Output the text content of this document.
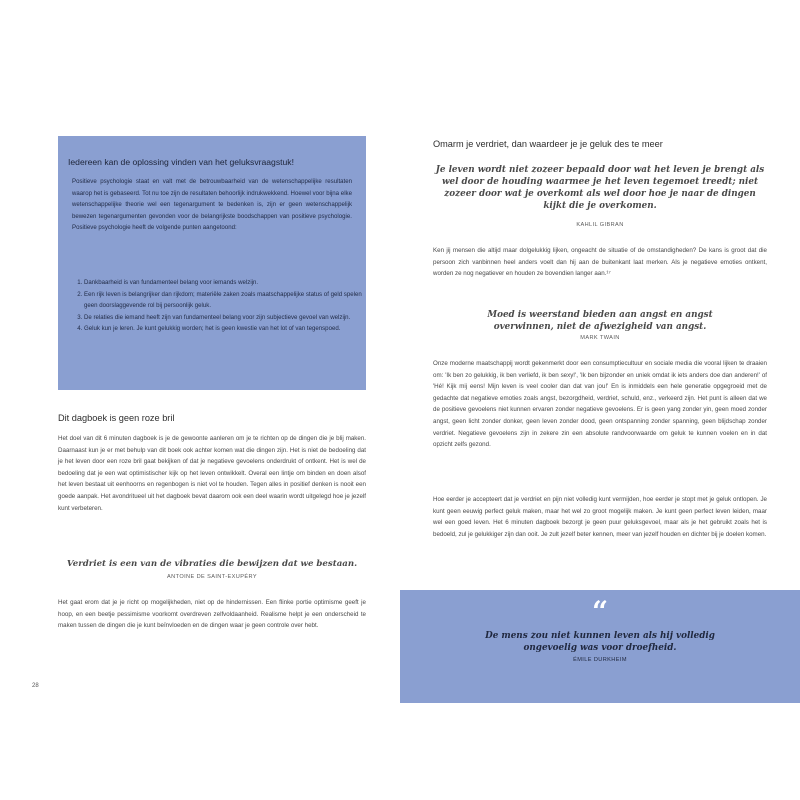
Iedereen kan de oplossing vinden van het geluksvraagstuk!

Positieve psychologie staat en valt met de betrouwbaarheid van de wetenschappelijke resultaten waarop het is gebaseerd. Tot nu toe zijn de resultaten behoorlijk indrukwekkend. Hoewel voor bijna elke wetenschappelijke theorie wel een tegenargument te bedenken is, zijn er geen wetenschappelijk bewezen tegenargumenten gevonden voor de belangrijkste boodschappen van positieve psychologie. Positieve psychologie heeft de volgende punten aangetoond:

1. Dankbaarheid is van fundamenteel belang voor iemands welzijn.
2. Een rijk leven is belangrijker dan rijkdom; materiële zaken zoals maatschappelijke status of geld spelen geen doorslaggevende rol bij persoonlijk geluk.
3. De relaties die iemand heeft zijn van fundamenteel belang voor zijn subjectieve gevoel van welzijn.
4. Geluk kun je leren. Je kunt gelukkig worden; het is geen kwestie van het lot of van tegenspoed.
Dit dagboek is geen roze bril

Het doel van dit 6 minuten dagboek is je de gewoonte aanleren om je te richten op de dingen die je blij maken. Daarnaast kun je er met behulp van dit boek ook achter komen wat die dingen zijn. Het is niet de bedoeling dat je het leven door een roze bril gaat bekijken of dat je negatieve gevoelens onderdrukt of ontkent. Het is wel de bedoeling dat je een wat optimistischer kijk op het leven ontwikkelt. Overal een lintje om binden en doen alsof het leven bestaat uit eenhoorns en regenbogen is niet vol te houden. Tegen alles in positief denken is nooit een goede aanpak. Het avondritueel uit het dagboek bevat daarom ook een deel waarin wordt uitgelegd hoe je jezelf kunt verbeteren.

Verdriet is een van de vibraties die bewijzen dat we bestaan.

ANTOINE DE SAINT-EXUPÉRY

Het gaat erom dat je je richt op mogelijkheden, niet op de hindernissen. Een flinke portie optimisme geeft je hoop, en een beetje pessimisme voorkomt overdreven zelfvoldaanheid. Realisme helpt je een onderscheid te maken tussen de dingen die je kunt beïnvloeden en de dingen waar je geen controle over hebt.

28

Omarm je verdriet, dan waardeer je je geluk des te meer

Je leven wordt niet zozeer bepaald door wat het leven je brengt als wel door de houding waarmee je het leven tegemoet treedt; niet zozeer door wat je overkomt als wel door hoe je naar de dingen kijkt die je overkomen.

KAHLIL GIBRAN

Ken jij mensen die altijd maar dolgelukkig lijken, ongeacht de situatie of de omstandigheden? De kans is groot dat die persoon zich vanbinnen heel anders voelt dan hij aan de buitenkant laat merken. Als je negatieve emoties ontkent, worden ze nog negatiever en houden ze bovendien langer aan.¹⁷

Moed is weerstand bieden aan angst en angst overwinnen, niet de afwezigheid van angst.

MARK TWAIN

Onze moderne maatschappij wordt gekenmerkt door een consumptiecultuur en sociale media die vooral lijken te draaien om: 'Ik ben zo gelukkig, ik ben verliefd, ik ben sexy!', 'Ik ben bijzonder en uniek omdat ik iets anders doe dan anderen!' of 'Hé! Kijk mij eens! Mijn leven is veel cooler dan dat van jou!' En is inmiddels een hele generatie opgegroeid met de gedachte dat negatieve emoties zoals angst, bezorgdheid, verdriet, schuld, enz., verkeerd zijn. Het punt is alleen dat we de positieve gevoelens niet kunnen ervaren zonder negatieve gevoelens. Er is geen yang zonder yin, geen moed zonder angst, geen licht zonder donker, geen leven zonder dood, geen ontspanning zonder spanning, geen blijdschap zonder verdriet. Negatieve gevoelens zijn in zekere zin een absolute randvoorwaarde om geluk te kunnen voelen en in dat opzicht zelfs gezond.

Hoe eerder je accepteert dat je verdriet en pijn niet volledig kunt vermijden, hoe eerder je stopt met je geluk ontlopen. Je kunt geen eeuwig perfect geluk maken, maar het wel zo groot mogelijk maken. Je kunt geen perfect leven leiden, maar wel een goed leven. Het 6 minuten dagboek bezorgt je geen puur geluksgevoel, maar als je het gebruikt zoals het is bedoeld, zul je gelukkiger zijn dan ooit. Je zult jezelf beter kennen, meer van jezelf houden en dichter bij je doelen komen.

“

De mens zou niet kunnen leven als hij volledig ongevoelig was voor droefheid.

ÉMILE DURKHEIM
